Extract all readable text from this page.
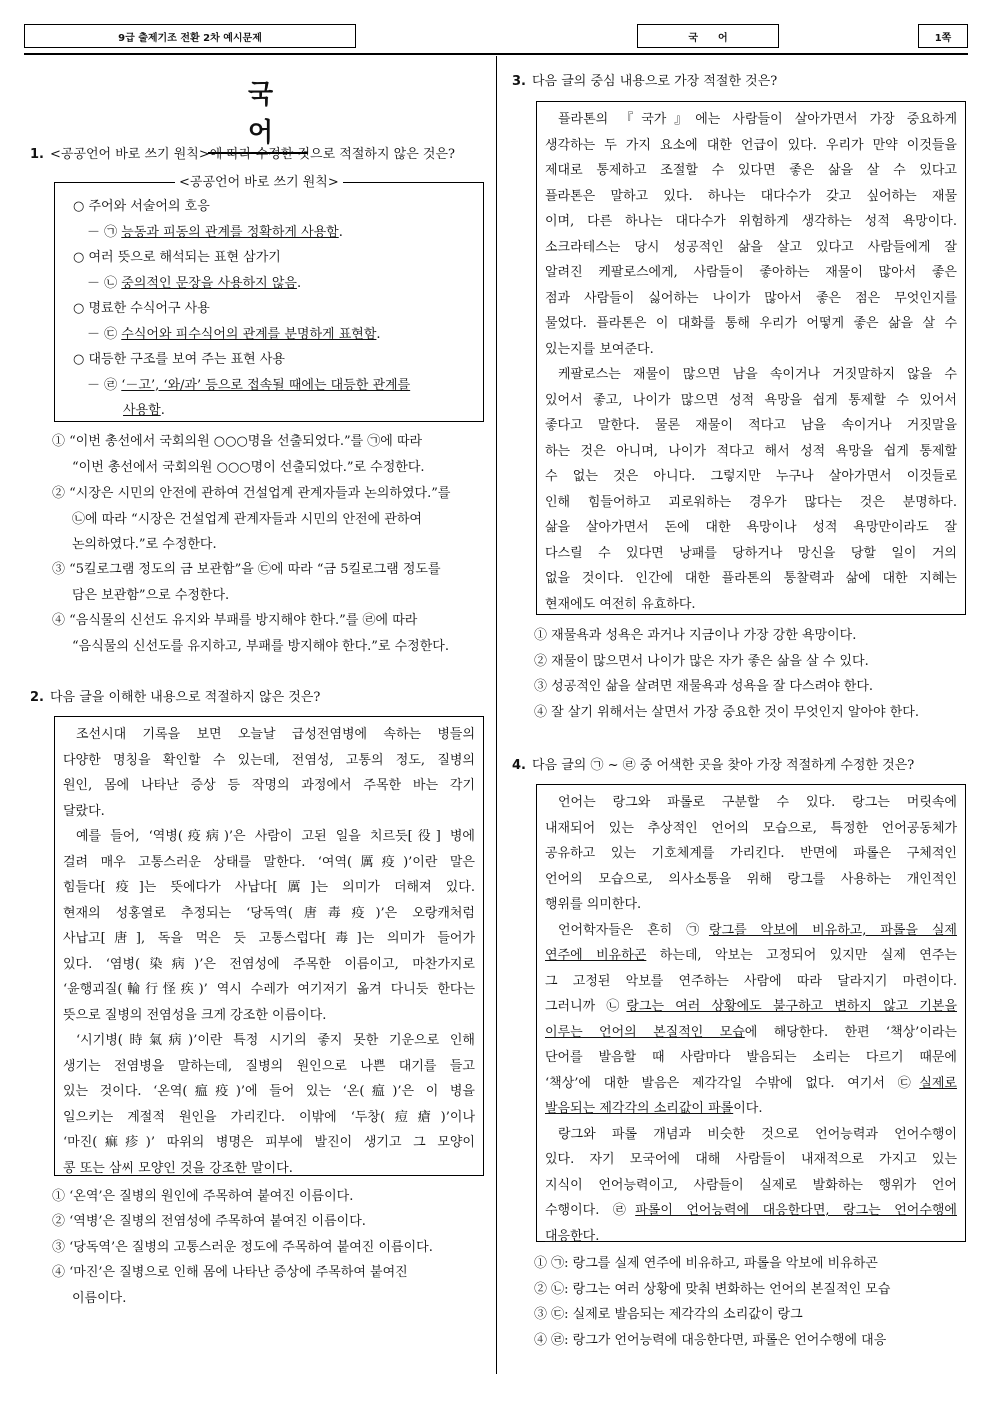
9급 출제기조 전환 2차 예시문제	국　　어	1쪽
국 어
1. <공공언어 바로 쓰기 원칙>에 따라 수정한 것으로 적절하지 않은 것은?
○ 주어와 서술어의 호응
－ ㉠ 능동과 피동의 관계를 정확하게 사용함.
○ 여러 뜻으로 해석되는 표현 삼가기
－ ㉡ 중의적인 문장을 사용하지 않음.
○ 명료한 수식어구 사용
－ ㉢ 수식어와 피수식어의 관계를 분명하게 표현함.
○ 대등한 구조를 보여 주는 표현 사용
－ ㉣ ‘－고’, ‘와/과’ 등으로 접속될 때에는 대등한 관계를
사용함.
<공공언어 바로 쓰기 원칙>
① “이번 총선에서 국회의원 ○○○명을 선출되었다.”를 ㉠에 따라
“이번 총선에서 국회의원 ○○○명이 선출되었다.”로 수정한다.
② “시장은 시민의 안전에 관하여 건설업계 관계자들과 논의하였다.”를
㉡에 따라 “시장은 건설업계 관계자들과 시민의 안전에 관하여
논의하였다.”로 수정한다.
③ “5킬로그램 정도의 금 보관함”을 ㉢에 따라 “금 5킬로그램 정도를
담은 보관함”으로 수정한다.
④ “음식물의 신선도 유지와 부패를 방지해야 한다.”를 ㉣에 따라
“음식물의 신선도를 유지하고, 부패를 방지해야 한다.”로 수정한다.
2. 다음 글을 이해한 내용으로 적절하지 않은 것은?
조선시대 기록을 보면 오늘날 급성전염병에 속하는 병들의
다양한 명칭을 확인할 수 있는데, 전염성, 고통의 정도, 질병의
원인, 몸에 나타난 증상 등 작명의 과정에서 주목한 바는 각기
달랐다.
예를 들어, ‘역병(疫病)’은 사람이 고된 일을 치르듯[役] 병에
걸려 매우 고통스러운 상태를 말한다. ‘여역(厲疫)’이란 말은
힘들다[疫]는 뜻에다가 사납다[厲]는 의미가 더해져 있다.
현재의 성홍열로 추정되는 ‘당독역(唐毒疫)’은 오랑캐처럼
사납고[唐], 독을 먹은 듯 고통스럽다[毒]는 의미가 들어가
있다. ‘염병(染病)’은 전염성에 주목한 이름이고, 마찬가지로
‘윤행괴질(輪行怪疾)’ 역시 수레가 여기저기 옮겨 다니듯 한다는
뜻으로 질병의 전염성을 크게 강조한 이름이다.
‘시기병(時氣病)’이란 특정 시기의 좋지 못한 기운으로 인해
생기는 전염병을 말하는데, 질병의 원인으로 나쁜 대기를 들고
있는 것이다. ‘온역(瘟疫)’에 들어 있는 ‘온(瘟)’은 이 병을
일으키는 계절적 원인을 가리킨다. 이밖에 ‘두창(痘瘡)’이나
‘마진(痲疹)’ 따위의 병명은 피부에 발진이 생기고 그 모양이
콩 또는 삼씨 모양인 것을 강조한 말이다.
① ‘온역’은 질병의 원인에 주목하여 붙여진 이름이다.
② ‘역병’은 질병의 전염성에 주목하여 붙여진 이름이다.
③ ‘당독역’은 질병의 고통스러운 정도에 주목하여 붙여진 이름이다.
④ ‘마진’은 질병으로 인해 몸에 나타난 증상에 주목하여 붙여진
이름이다.
3. 다음 글의 중심 내용으로 가장 적절한 것은?
플라톤의 『국가』에는 사람들이 살아가면서 가장 중요하게
생각하는 두 가지 요소에 대한 언급이 있다. 우리가 만약 이것들을
제대로 통제하고 조절할 수 있다면 좋은 삶을 살 수 있다고
플라톤은 말하고 있다. 하나는 대다수가 갖고 싶어하는 재물
이며, 다른 하나는 대다수가 위험하게 생각하는 성적 욕망이다.
소크라테스는 당시 성공적인 삶을 살고 있다고 사람들에게 잘
알려진 케팔로스에게, 사람들이 좋아하는 재물이 많아서 좋은
점과 사람들이 싫어하는 나이가 많아서 좋은 점은 무엇인지를
물었다. 플라톤은 이 대화를 통해 우리가 어떻게 좋은 삶을 살 수
있는지를 보여준다.
케팔로스는 재물이 많으면 남을 속이거나 거짓말하지 않을 수
있어서 좋고, 나이가 많으면 성적 욕망을 쉽게 통제할 수 있어서
좋다고 말한다. 물론 재물이 적다고 남을 속이거나 거짓말을
하는 것은 아니며, 나이가 적다고 해서 성적 욕망을 쉽게 통제할
수 없는 것은 아니다. 그렇지만 누구나 살아가면서 이것들로
인해 힘들어하고 괴로워하는 경우가 많다는 것은 분명하다.
삶을 살아가면서 돈에 대한 욕망이나 성적 욕망만이라도 잘
다스릴 수 있다면 낭패를 당하거나 망신을 당할 일이 거의
없을 것이다. 인간에 대한 플라톤의 통찰력과 삶에 대한 지혜는
현재에도 여전히 유효하다.
① 재물욕과 성욕은 과거나 지금이나 가장 강한 욕망이다.
② 재물이 많으면서 나이가 많은 자가 좋은 삶을 살 수 있다.
③ 성공적인 삶을 살려면 재물욕과 성욕을 잘 다스려야 한다.
④ 잘 살기 위해서는 살면서 가장 중요한 것이 무엇인지 알아야 한다.
4. 다음 글의 ㉠ ~ ㉣ 중 어색한 곳을 찾아 가장 적절하게 수정한 것은?
언어는 랑그와 파롤로 구분할 수 있다. 랑그는 머릿속에
내재되어 있는 추상적인 언어의 모습으로, 특정한 언어공동체가
공유하고 있는 기호체계를 가리킨다. 반면에 파롤은 구체적인
언어의 모습으로, 의사소통을 위해 랑그를 사용하는 개인적인
행위를 의미한다.
언어학자들은 흔히 ㉠랑그를 악보에 비유하고, 파롤을 실제
연주에 비유하곤 하는데, 악보는 고정되어 있지만 실제 연주는
그 고정된 악보를 연주하는 사람에 따라 달라지기 마련이다.
그러니까 ㉡랑그는 여러 상황에도 불구하고 변하지 않고 기본을
이루는 언어의 본질적인 모습에 해당한다. 한편 ‘책상’이라는
단어를 발음할 때 사람마다 발음되는 소리는 다르기 때문에
‘책상’에 대한 발음은 제각각일 수밖에 없다. 여기서 ㉢실제로
발음되는 제각각의 소리값이 파롤이다.
랑그와 파롤 개념과 비슷한 것으로 언어능력과 언어수행이
있다. 자기 모국어에 대해 사람들이 내재적으로 가지고 있는
지식이 언어능력이고, 사람들이 실제로 발화하는 행위가 언어
수행이다. ㉣파롤이 언어능력에 대응한다면, 랑그는 언어수행에
대응한다.
① ㉠: 랑그를 실제 연주에 비유하고, 파롤을 악보에 비유하곤
② ㉡: 랑그는 여러 상황에 맞춰 변화하는 언어의 본질적인 모습
③ ㉢: 실제로 발음되는 제각각의 소리값이 랑그
④ ㉣: 랑그가 언어능력에 대응한다면, 파롤은 언어수행에 대응
